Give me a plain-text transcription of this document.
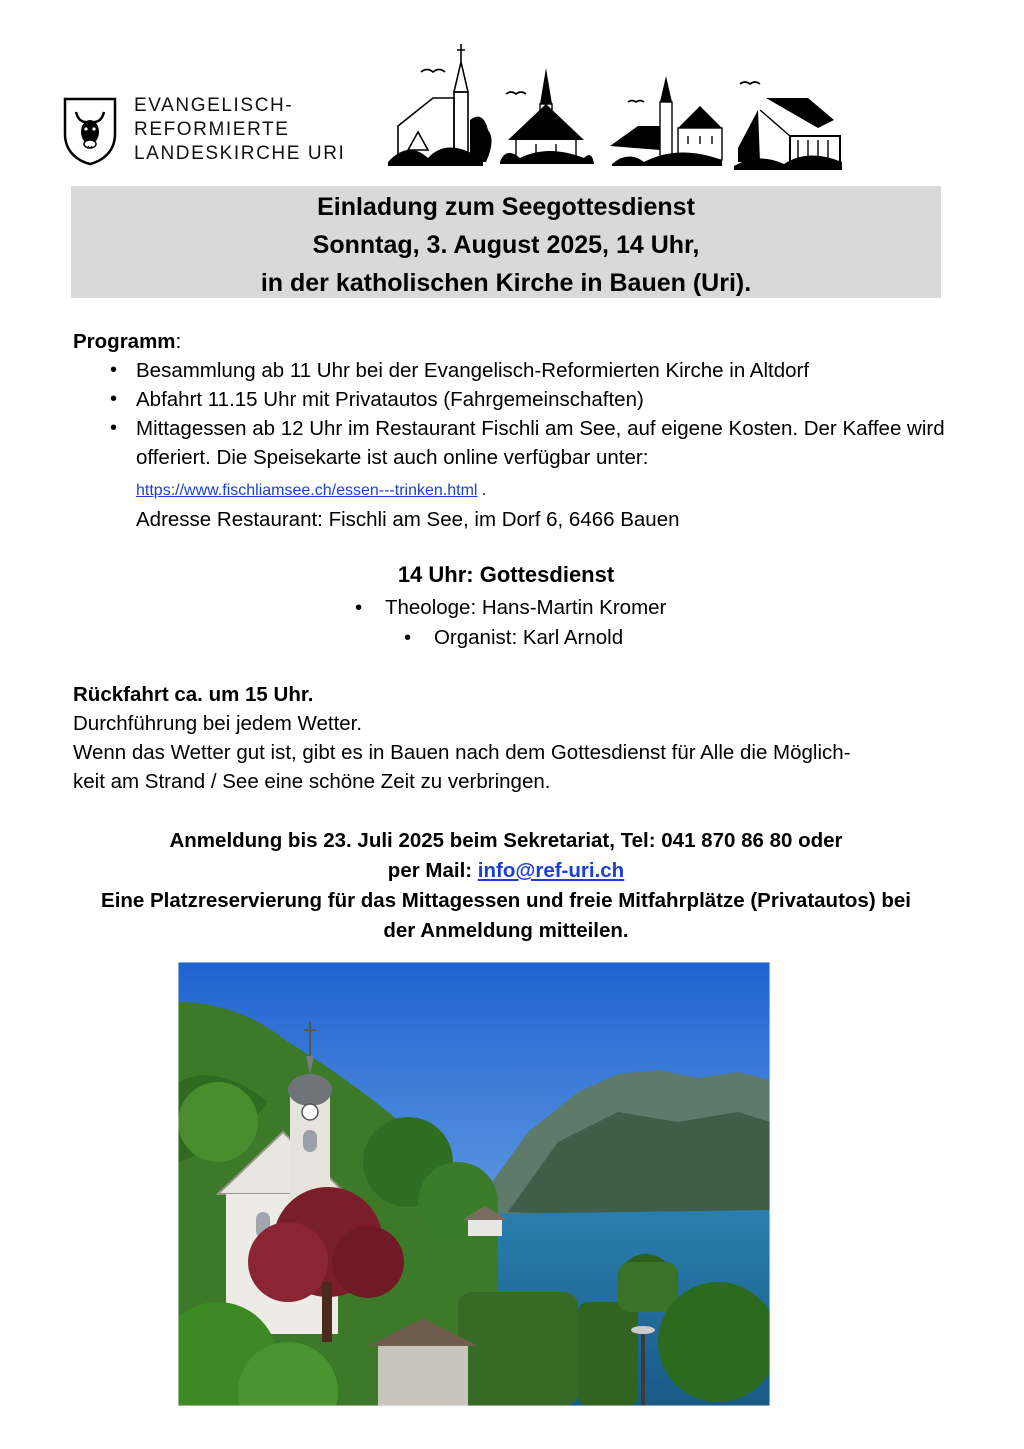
EVANGELISCH-
REFORMIERTE
LANDESKIRCHE URI
Einladung zum Seegottesdienst
Sonntag, 3. August 2025, 14 Uhr,
in der katholischen Kirche in Bauen (Uri).
Programm:
• Besammlung ab 11 Uhr bei der Evangelisch-Reformierten Kirche in Altdorf
• Abfahrt 11.15 Uhr mit Privatautos (Fahrgemeinschaften)
• Mittagessen ab 12 Uhr im Restaurant Fischli am See, auf eigene Kosten. Der Kaffee wird offeriert. Die Speisekarte ist auch online verfügbar unter:
https://www.fischliamsee.ch/essen---trinken.html .
Adresse Restaurant: Fischli am See, im Dorf 6, 6466 Bauen
14 Uhr: Gottesdienst
•    Theologe: Hans-Martin Kromer
•    Organist: Karl Arnold
Rückfahrt ca. um 15 Uhr.
Durchführung bei jedem Wetter.
Wenn das Wetter gut ist, gibt es in Bauen nach dem Gottesdienst für Alle die Möglich-
keit am Strand / See eine schöne Zeit zu verbringen.
Anmeldung bis 23. Juli 2025 beim Sekretariat, Tel: 041 870 86 80 oder
per Mail: info@ref-uri.ch
Eine Platzreservierung für das Mittagessen und freie Mitfahrplätze (Privatautos) bei
der Anmeldung mitteilen.
